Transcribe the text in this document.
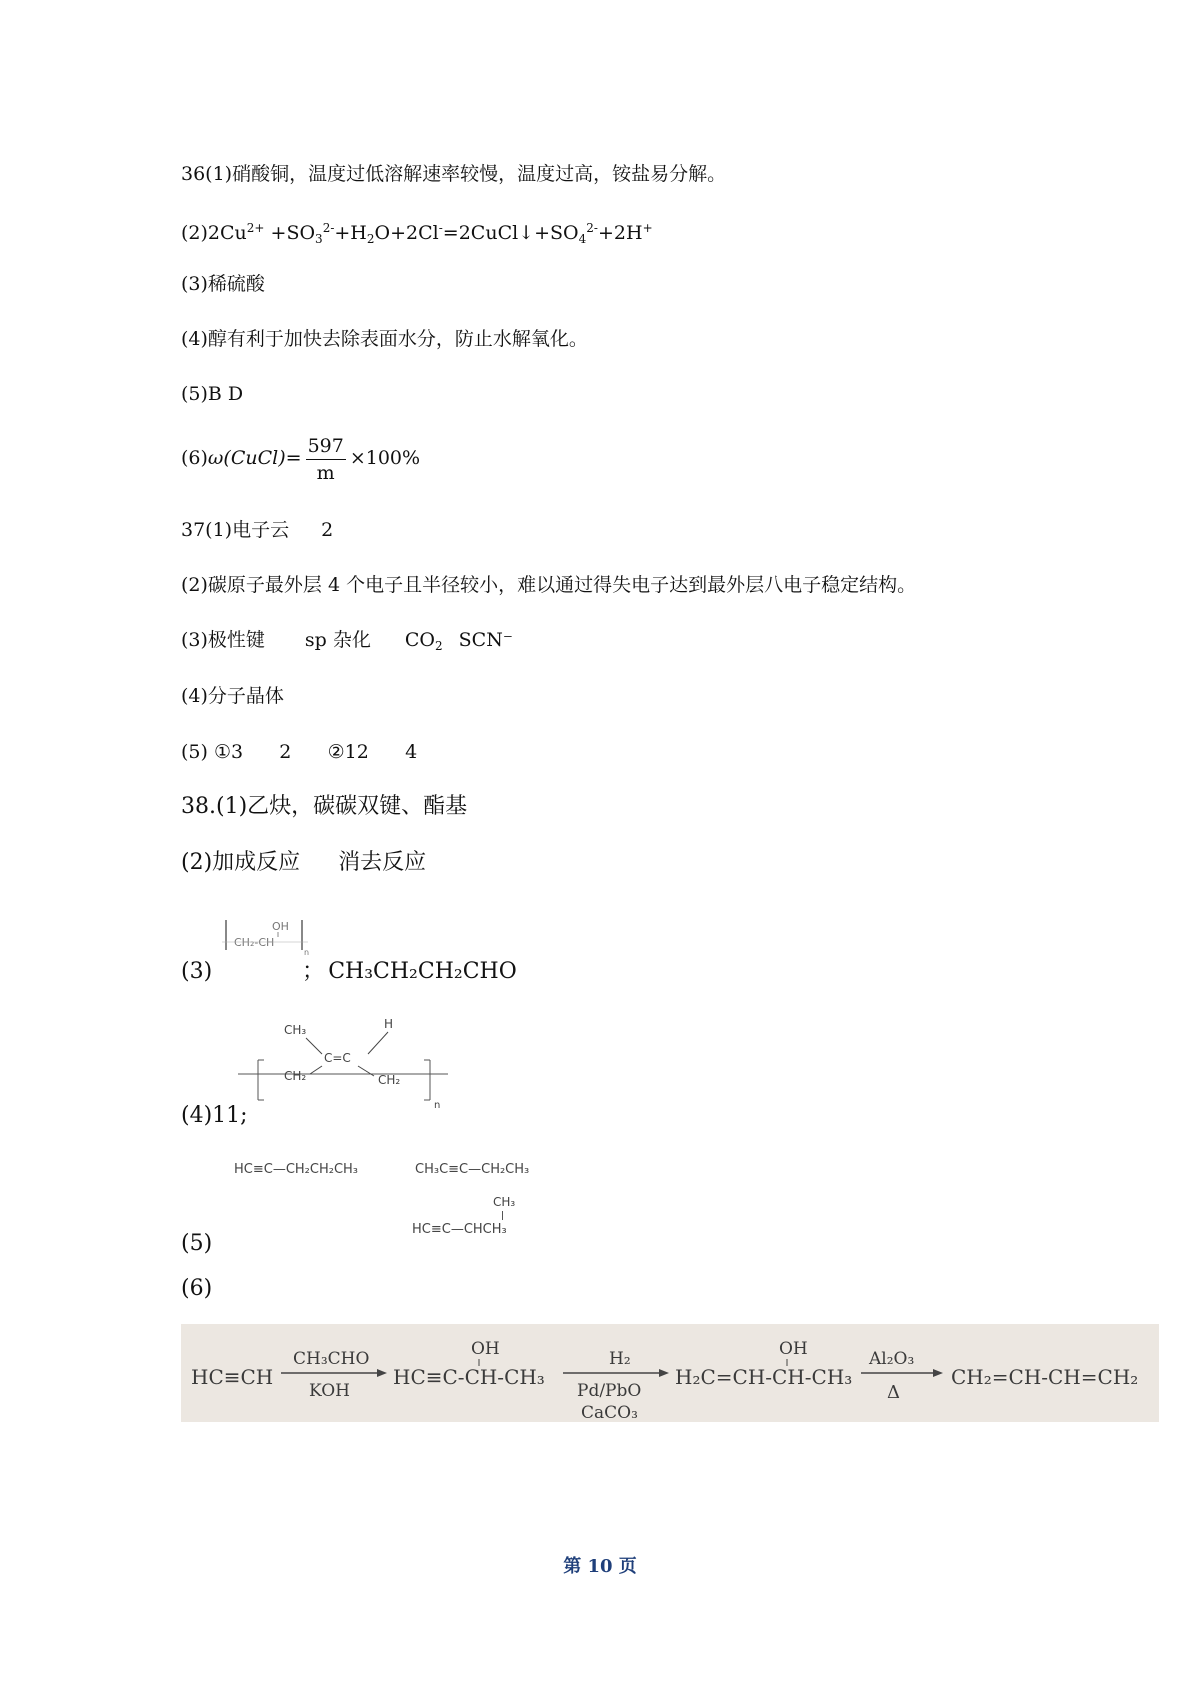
36(1)硝酸铜，温度过低溶解速率较慢，温度过高，铵盐易分解。
$(2)2Cu^{2+}$ $+SO_3^{2-}+H_2O+2Cl^-=2CuCl↓+SO_4^{2-}+2H^+$
(3)稀硫酸
(4)醇有利于加快去除表面水分，防止水解氧化。
(5)B D
(6)ω(CuCl)= $\frac{597}{m} \times 100\%$
37(1)电子云 2
(2)碳原子最外层 4 个电子且半径较小，难以通过得失电子达到最外层八电子稳定结构。
(3)极性键 sp 杂化 $CO_2$ SCN⁻
(4)分子晶体
(5) ①3      2      ②12      4
38.(1)乙炔，碳碳双键、酯基
(2)加成反应 消去反应
OH
CH₂-CH
n
(3)	； CH₃CH₂CH₂CHO
CH₃	H
C=C
CH₂	CH₂
n
(4)11;
HC≡C—CH₂CH₂CH₃	CH₃C≡C—CH₂CH₃
CH₃
HC≡C—CHCH₃
(5)
(6)
HC≡CH
CH₃CHO
KOH
OH
HC≡C-CH-CH₃
H₂
Pd/PbO
CaCO₃
OH
H₂C=CH-CH-CH₃
Al₂O₃
Δ
CH₂=CH-CH=CH₂
第 10 页
